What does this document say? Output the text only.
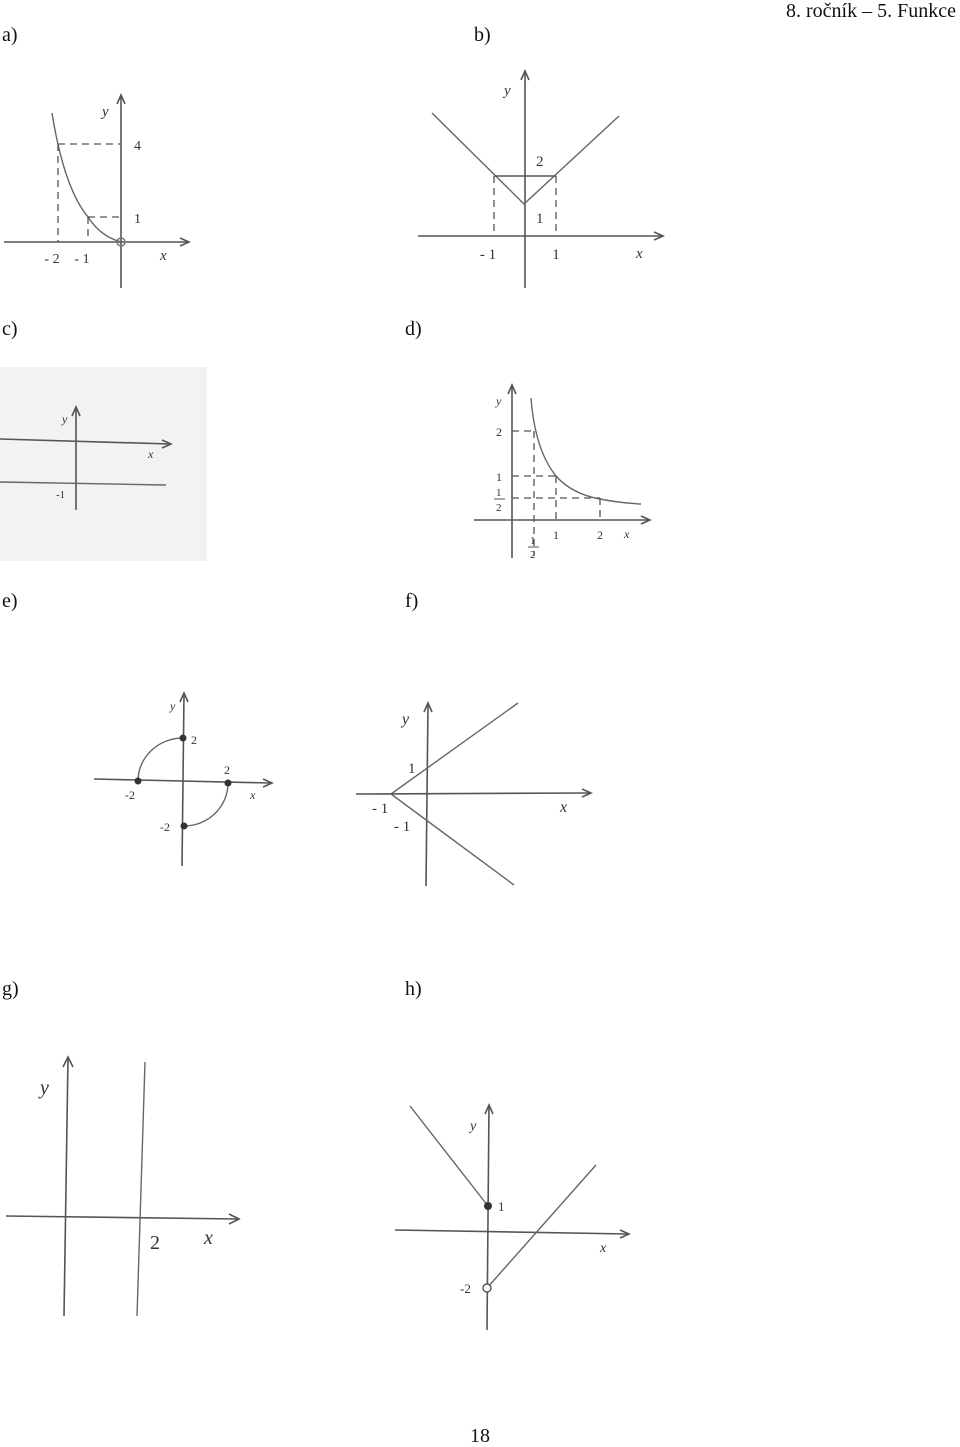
8. ročník – 5. Funkce
a)	b)
c)	d)
e)	f)
g)	h)
18
- 2 - 1
4
1
x
y
2
1
- 1	1	x
y
-1
x
y
2
1
1
2
1
2
1	2 x
y
2
2
-2
-2
x
y
1
- 1
- 1
x
y
2 x
y
1
-2
x
y
